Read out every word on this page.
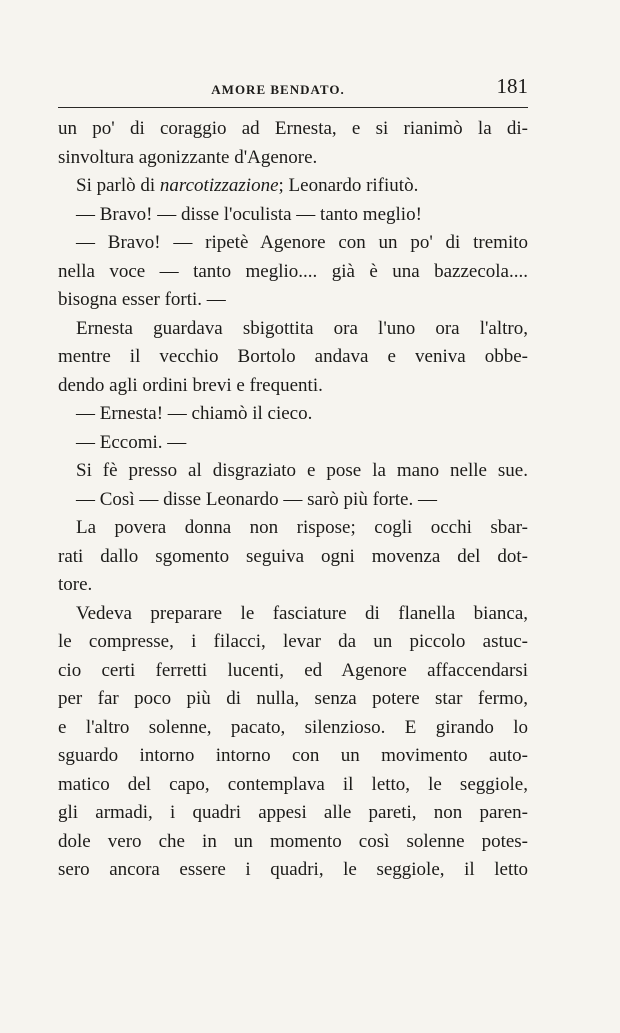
AMORE BENDATO.	181
un po' di coraggio ad Ernesta, e si rianimò la di-
sinvoltura agonizzante d'Agenore.
Si parlò di narcotizzazione; Leonardo rifiutò.
— Bravo! — disse l'oculista — tanto meglio!
— Bravo! — ripetè Agenore con un po' di tremito
nella voce — tanto meglio.... già è una bazzecola....
bisogna esser forti. —
Ernesta guardava sbigottita ora l'uno ora l'altro,
mentre il vecchio Bortolo andava e veniva obbe-
dendo agli ordini brevi e frequenti.
— Ernesta! — chiamò il cieco.
— Eccomi. —
Si fè presso al disgraziato e pose la mano nelle sue.
— Così — disse Leonardo — sarò più forte. —
La povera donna non rispose; cogli occhi sbar-
rati dallo sgomento seguiva ogni movenza del dot-
tore.
Vedeva preparare le fasciature di flanella bianca,
le compresse, i filacci, levar da un piccolo astuc-
cio certi ferretti lucenti, ed Agenore affaccendarsi
per far poco più di nulla, senza potere star fermo,
e l'altro solenne, pacato, silenzioso. E girando lo
sguardo intorno intorno con un movimento auto-
matico del capo, contemplava il letto, le seggiole,
gli armadi, i quadri appesi alle pareti, non paren-
dole vero che in un momento così solenne potes-
sero ancora essere i quadri, le seggiole, il letto
